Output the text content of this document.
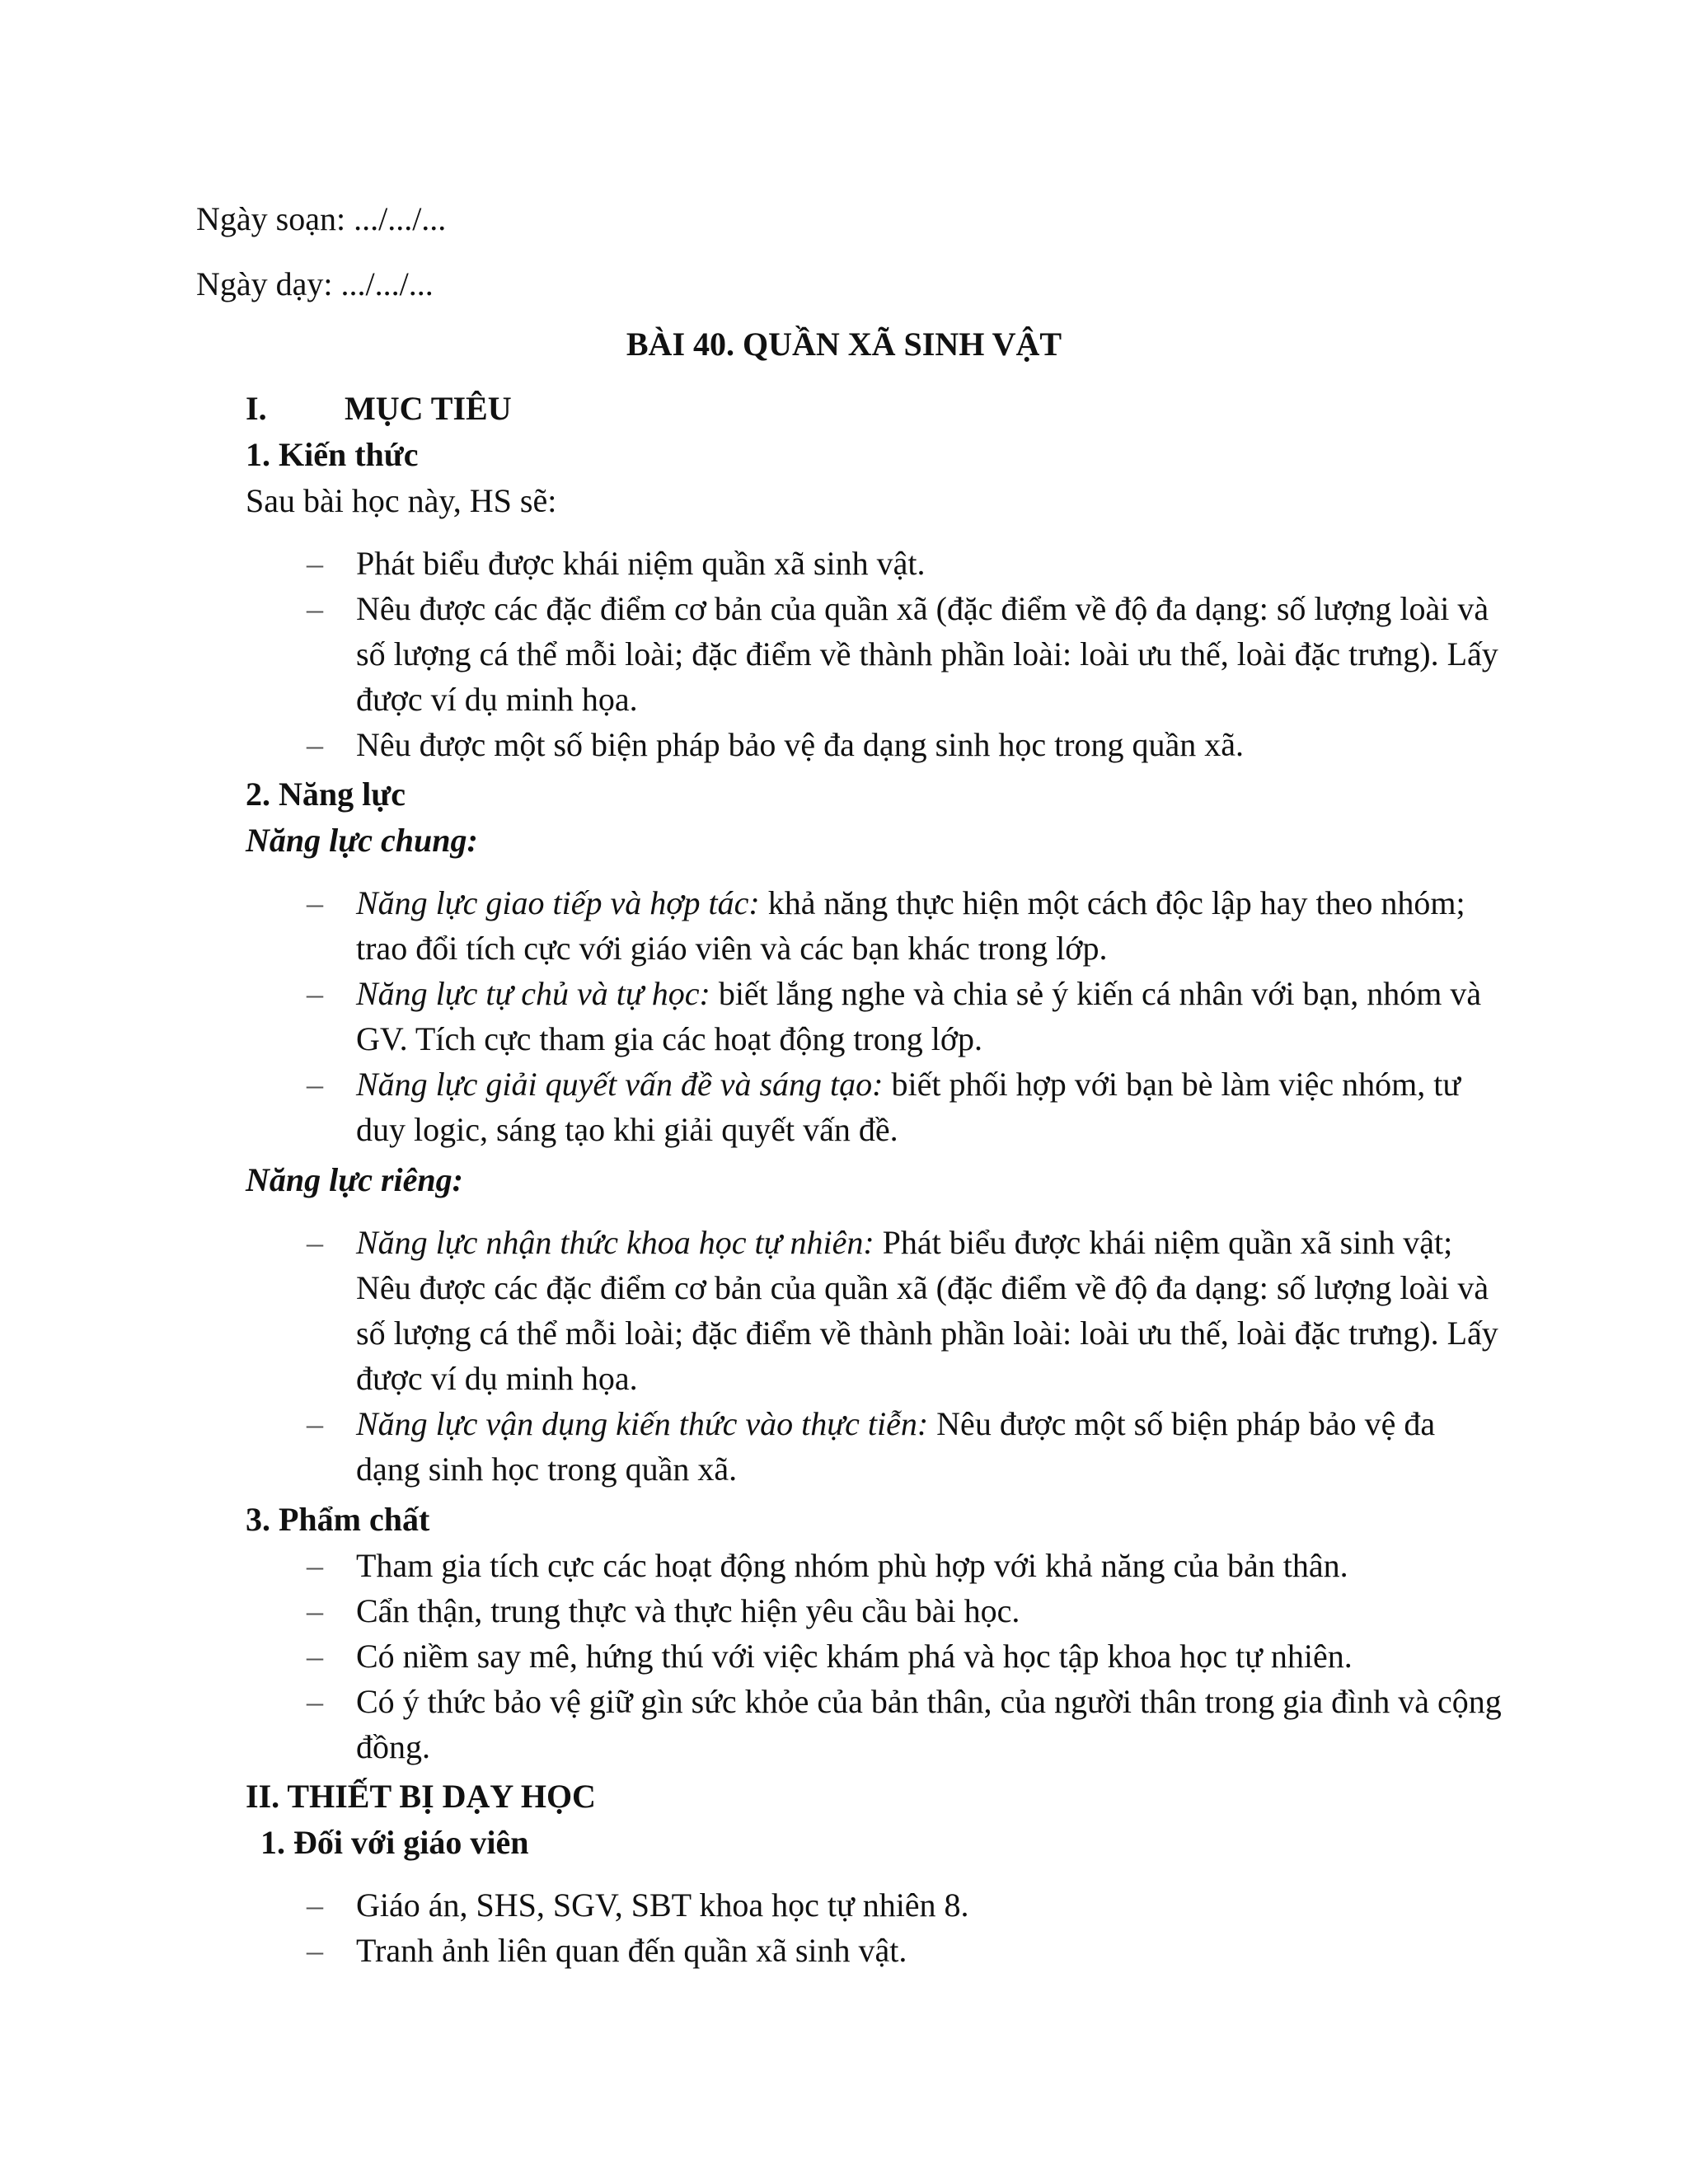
Ngày soạn: .../.../...
Ngày dạy: .../.../...
BÀI 40. QUẦN XÃ SINH VẬT
I. MỤC TIÊU
1. Kiến thức
Sau bài học này, HS sẽ:
– Phát biểu được khái niệm quần xã sinh vật.
– Nêu được các đặc điểm cơ bản của quần xã (đặc điểm về độ đa dạng: số lượng loài và số lượng cá thể mỗi loài; đặc điểm về thành phần loài: loài ưu thế, loài đặc trưng). Lấy được ví dụ minh họa.
– Nêu được một số biện pháp bảo vệ đa dạng sinh học trong quần xã.
2. Năng lực
Năng lực chung:
– Năng lực giao tiếp và hợp tác: khả năng thực hiện một cách độc lập hay theo nhóm; trao đổi tích cực với giáo viên và các bạn khác trong lớp.
– Năng lực tự chủ và tự học: biết lắng nghe và chia sẻ ý kiến cá nhân với bạn, nhóm và GV. Tích cực tham gia các hoạt động trong lớp.
– Năng lực giải quyết vấn đề và sáng tạo: biết phối hợp với bạn bè làm việc nhóm, tư duy logic, sáng tạo khi giải quyết vấn đề.
Năng lực riêng:
– Năng lực nhận thức khoa học tự nhiên: Phát biểu được khái niệm quần xã sinh vật; Nêu được các đặc điểm cơ bản của quần xã (đặc điểm về độ đa dạng: số lượng loài và số lượng cá thể mỗi loài; đặc điểm về thành phần loài: loài ưu thế, loài đặc trưng). Lấy được ví dụ minh họa.
– Năng lực vận dụng kiến thức vào thực tiễn: Nêu được một số biện pháp bảo vệ đa dạng sinh học trong quần xã.
3. Phẩm chất
– Tham gia tích cực các hoạt động nhóm phù hợp với khả năng của bản thân.
– Cẩn thận, trung thực và thực hiện yêu cầu bài học.
– Có niềm say mê, hứng thú với việc khám phá và học tập khoa học tự nhiên.
– Có ý thức bảo vệ giữ gìn sức khỏe của bản thân, của người thân trong gia đình và cộng đồng.
II. THIẾT BỊ DẠY HỌC
1. Đối với giáo viên
– Giáo án, SHS, SGV, SBT khoa học tự nhiên 8.
– Tranh ảnh liên quan đến quần xã sinh vật.
